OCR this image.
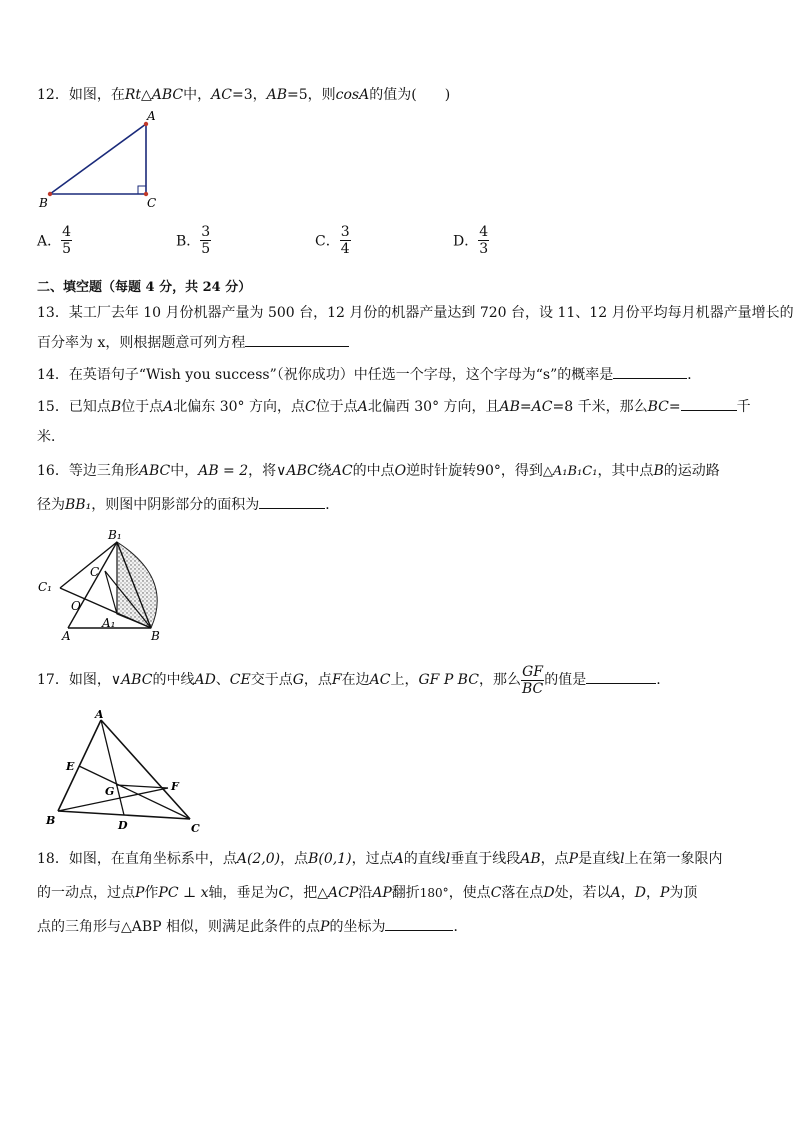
12．如图，在Rt△ABC中，AC=3，AB=5，则cosA的值为(　　)
A
B	C
A． $\frac{4}{5}$	B． $\frac{3}{5}$	C． $\frac{3}{4}$	D． $\frac{4}{3}$
二、填空题（每题 4 分，共 24 分）
13．某工厂去年 10 月份机器产量为 500 台，12 月份的机器产量达到 720 台，设 11、12 月份平均每月机器产量增长的
百分率为 x，则根据题意可列方程
14．在英语句子“Wish you success”（祝你成功）中任选一个字母，这个字母为“s”的概率是	．
15．已知点B位于点A北偏东 30° 方向，点C位于点A北偏西 30° 方向，且AB=AC=8 千米，那么BC=	千
米．
16．等边三角形ABC中，AB = 2，将∨ABC绕AC的中点O逆时针旋转90°，得到△A₁B₁C₁，其中点B的运动路
径为BB₁，则图中阴影部分的面积为	．
B₁
C
C₁
O
A
A₁
B
17．如图，∨ABC的中线AD、CE交于点G，点F在边AC上，GF P BC，那么 $\frac{GF}{BC}$ 的值是	.
A
E
F
G
B	D	C
18．如图，在直角坐标系中，点A(2,0)，点B(0,1)，过点A的直线l垂直于线段AB，点P是直线l上在第一象限内
的一动点，过点P作PC ⊥ x轴，垂足为C，把△ACP沿AP翻折180°，使点C落在点D处，若以A，D，P为顶
点的三角形与△ABP 相似，则满足此条件的点P的坐标为	．
